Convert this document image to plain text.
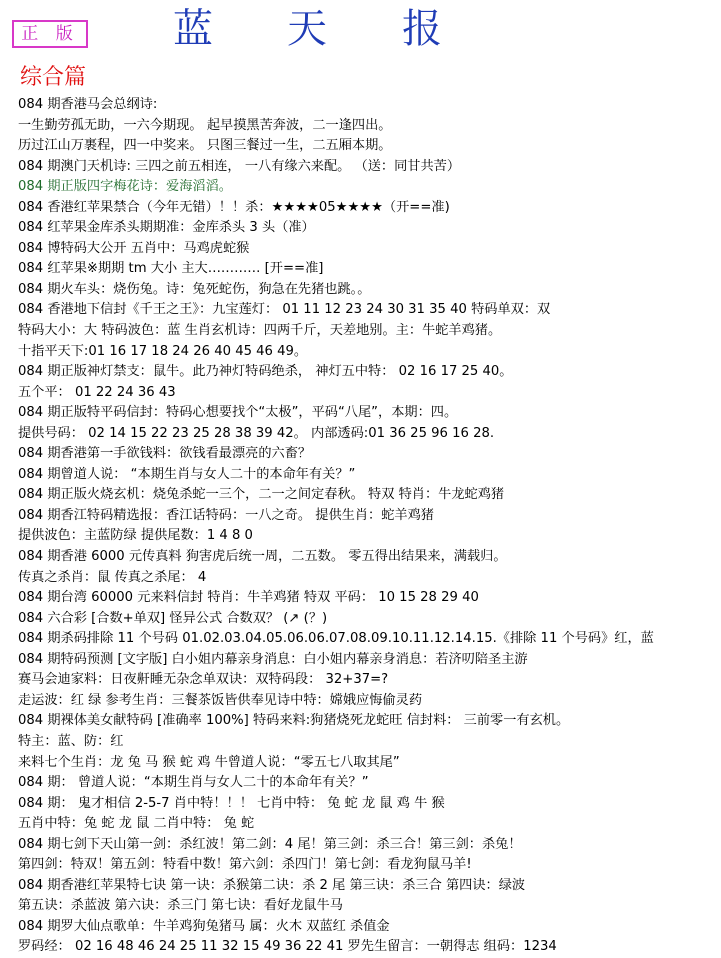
正 版 蓝 天 报
综合篇
084 期香港马会总纲诗:
一生勤劳孤无助，一六今期现。 起早摸黑苦奔波，二一逢四出。
历过江山万裹程，四一中奖来。 只图三餐过一生，二五厢本期。
084 期澳门天机诗: 三四之前五相连， 一八有缘六来配。 （送：同甘共苦）
084 期正版四字梅花诗：爱海滔滔。
084 香港红苹果禁合（今年无错）！！杀：★★★★05★★★★（开==准)
084 红苹果金库杀头期期准：金库杀头 3 头（准）
084 博特码大公开 五肖中：马鸡虎蛇猴
084 红苹果※期期 tm 大小 主大………… [开==准]
084 期火车头：烧伤兔。诗：兔死蛇伤，狗急在先猪也跳。。
084 香港地下信封《千王之王》：九宝莲灯： 01 11 12 23 24 30 31 35 40 特码单双：双
特码大小：大 特码波色：蓝 生肖玄机诗：四两千斤，天差地别。主：牛蛇羊鸡猪。
十指平天下:01 16 17 18 24 26 40 45 46 49。
084 期正版神灯禁支：鼠牛。此乃神灯特码绝杀， 神灯五中特： 02 16 17 25 40。
五个平： 01 22 24 36 43
084 期正版特平码信封：特码心想要找个“太极”，平码“八尾”，本期：四。
提供号码： 02 14 15 22 23 25 28 38 39 42。 内部透码:01 36 25 96 16 28.
084 期香港第一手欲钱料：欲钱看最漂亮的六畜？
084 期曾道人说： “本期生肖与女人二十的本命年有关？”
084 期正版火烧玄机：烧兔杀蛇一三个，二一之间定春秋。 特双 特肖：牛龙蛇鸡猪
084 期香江特码精选报：香江话特码：一八之奇。 提供生肖：蛇羊鸡猪
提供波色：主蓝防绿 提供尾数：1 4 8 0
084 期香港 6000 元传真料 狗害虎后统一周，二五数。 零五得出结果来，满载归。
传真之杀肖：鼠 传真之杀尾： 4
084 期台湾 60000 元来料信封 特肖：牛羊鸡猪 特双 平码： 10 15 28 29 40
084 六合彩 [合数+单双] 怪异公式 合数双？ (↗ (？)
084 期杀码排除 11 个号码 01.02.03.04.05.06.06.07.08.09.10.11.12.14.15.《排除 11 个号码》红，蓝
084 期特码预测 [文字版] 白小姐内幕亲身消息：白小姐内幕亲身消息：若济叨陪圣主游
赛马会迪家料：日夜鼾睡无杂念单双诀：双特码段： 32+37=?
走运波：红 绿 参考生肖：三餐茶饭皆供奉见诗中特：嫦娥应悔偷灵药
084 期裸体美女献特码 [准确率 100%] 特码来料:狗猪烧死龙蛇旺 信封料： 三前零一有玄机。
特主：蓝、防：红
来料七个生肖：龙 兔 马 猴 蛇 鸡 牛曾道人说：“零五七八取其尾”
084 期： 曾道人说：“本期生肖与女人二十的本命年有关？”
084 期： 鬼才相信 2-5-7 肖中特！！！ 七肖中特： 兔 蛇 龙 鼠 鸡 牛 猴
五肖中特：兔 蛇 龙 鼠 二肖中特： 兔 蛇
084 期七剑下天山第一剑：杀红波！第二剑：4 尾！第三剑：杀三合！第三剑：杀兔！
第四剑：特双！第五剑：特看中数！第六剑：杀四门！第七剑：看龙狗鼠马羊!
084 期香港红苹果特七诀 第一诀：杀猴第二诀：杀 2 尾 第三诀：杀三合 第四诀：绿波
第五诀：杀蓝波 第六诀：杀三门 第七诀：看好龙鼠牛马
084 期罗大仙点歌单：牛羊鸡狗兔猪马 属：火木 双蓝红 杀值金
罗码经： 02 16 48 46 24 25 11 32 15 49 36 22 41 罗先生留言：一朝得志 组码：1234
